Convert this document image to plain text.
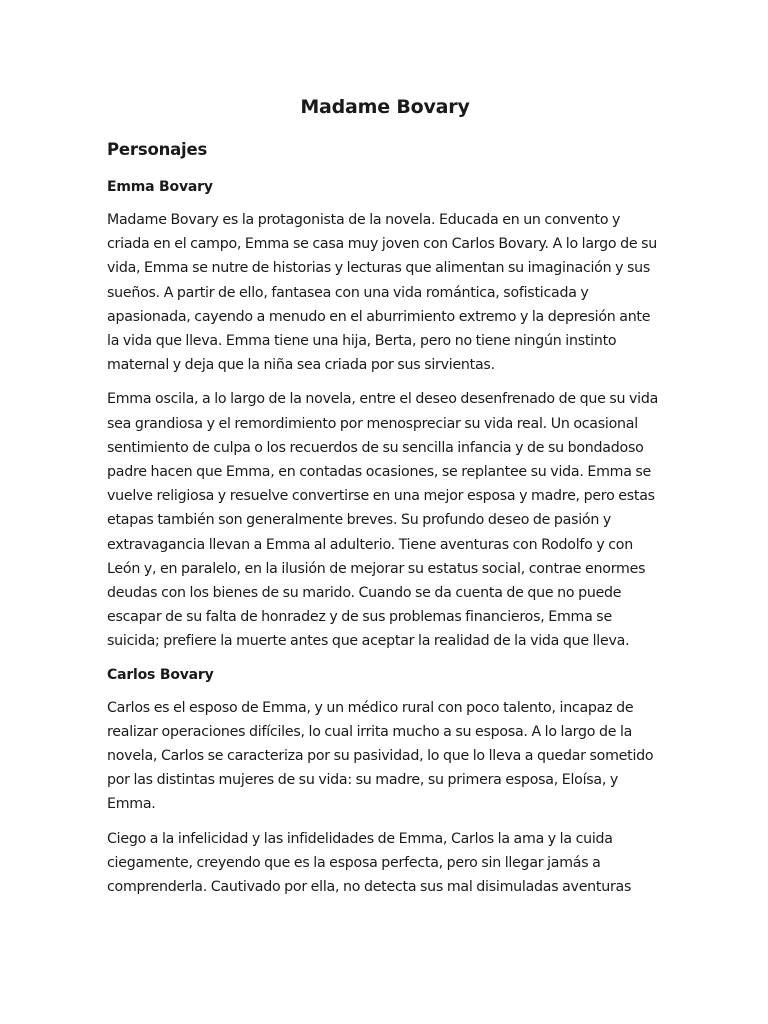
Madame Bovary
Personajes
Emma Bovary

Madame Bovary es la protagonista de la novela. Educada en un convento y criada en el campo, Emma se casa muy joven con Carlos Bovary. A lo largo de su vida, Emma se nutre de historias y lecturas que alimentan su imaginación y sus sueños. A partir de ello, fantasea con una vida romántica, sofisticada y apasionada, cayendo a menudo en el aburrimiento extremo y la depresión ante la vida que lleva. Emma tiene una hija, Berta, pero no tiene ningún instinto maternal y deja que la niña sea criada por sus sirvientas.

Emma oscila, a lo largo de la novela, entre el deseo desenfrenado de que su vida sea grandiosa y el remordimiento por menospreciar su vida real. Un ocasional sentimiento de culpa o los recuerdos de su sencilla infancia y de su bondadoso padre hacen que Emma, en contadas ocasiones, se replantee su vida. Emma se vuelve religiosa y resuelve convertirse en una mejor esposa y madre, pero estas etapas también son generalmente breves. Su profundo deseo de pasión y extravagancia llevan a Emma al adulterio. Tiene aventuras con Rodolfo y con León y, en paralelo, en la ilusión de mejorar su estatus social, contrae enormes deudas con los bienes de su marido. Cuando se da cuenta de que no puede escapar de su falta de honradez y de sus problemas financieros, Emma se suicida; prefiere la muerte antes que aceptar la realidad de la vida que lleva.

Carlos Bovary

Carlos es el esposo de Emma, y un médico rural con poco talento, incapaz de realizar operaciones difíciles, lo cual irrita mucho a su esposa. A lo largo de la novela, Carlos se caracteriza por su pasividad, lo que lo lleva a quedar sometido por las distintas mujeres de su vida: su madre, su primera esposa, Eloísa, y Emma.

Ciego a la infelicidad y las infidelidades de Emma, Carlos la ama y la cuida ciegamente, creyendo que es la esposa perfecta, pero sin llegar jamás a comprenderla. Cautivado por ella, no detecta sus mal disimuladas aventuras
